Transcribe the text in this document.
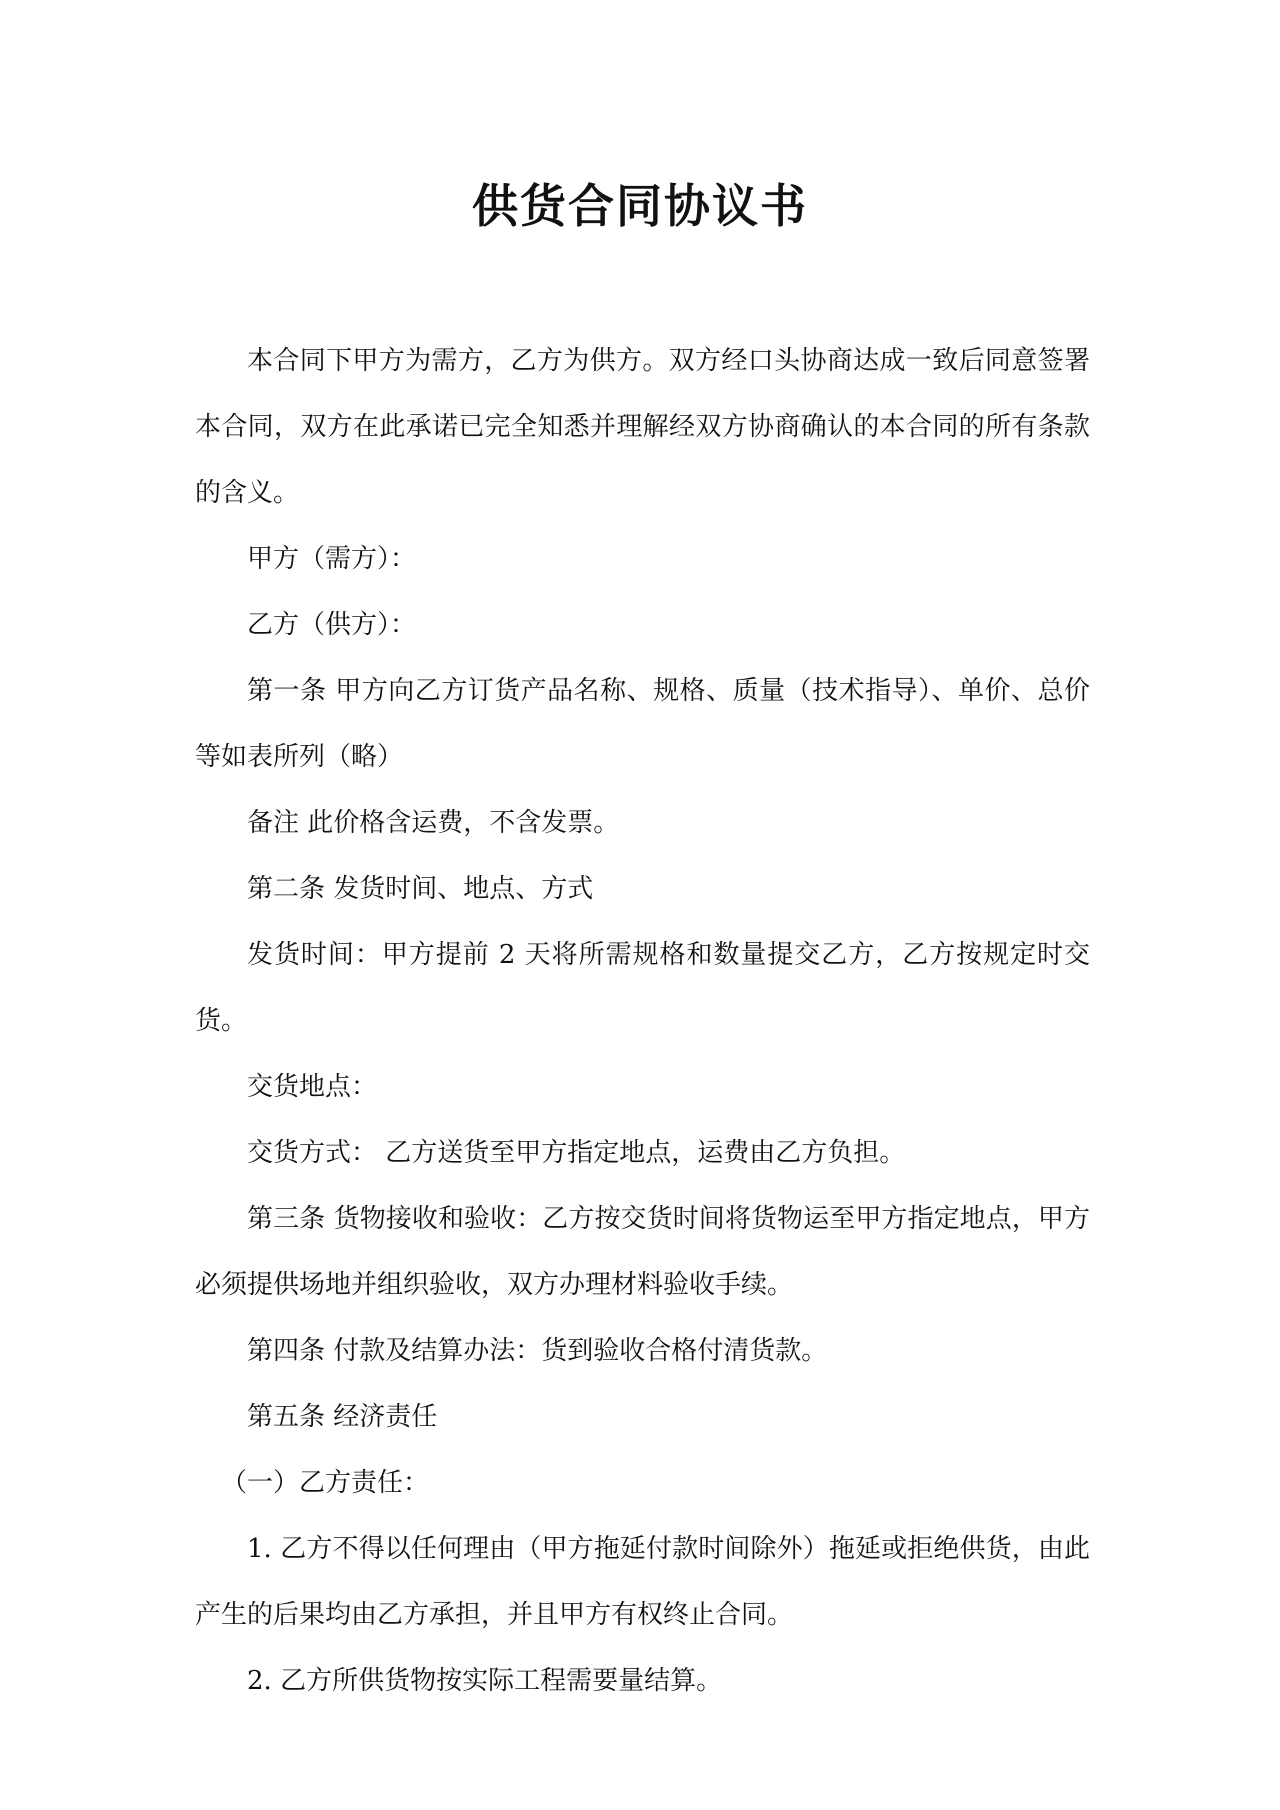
供货合同协议书

本合同下甲方为需方，乙方为供方。双方经口头协商达成一致后同意签署本合同，双方在此承诺已完全知悉并理解经双方协商确认的本合同的所有条款的含义。

甲方（需方）：

乙方（供方）：

第一条 甲方向乙方订货产品名称、规格、质量（技术指导）、单价、总价等如表所列（略）

备注 此价格含运费，不含发票。

第二条 发货时间、地点、方式

发货时间：甲方提前 2 天将所需规格和数量提交乙方，乙方按规定时交货。

交货地点：

交货方式： 乙方送货至甲方指定地点，运费由乙方负担。

第三条 货物接收和验收：乙方按交货时间将货物运至甲方指定地点，甲方必须提供场地并组织验收，双方办理材料验收手续。

第四条 付款及结算办法：货到验收合格付清货款。

第五条 经济责任

（一）乙方责任：

1. 乙方不得以任何理由（甲方拖延付款时间除外）拖延或拒绝供货，由此产生的后果均由乙方承担，并且甲方有权终止合同。

2. 乙方所供货物按实际工程需要量结算。
